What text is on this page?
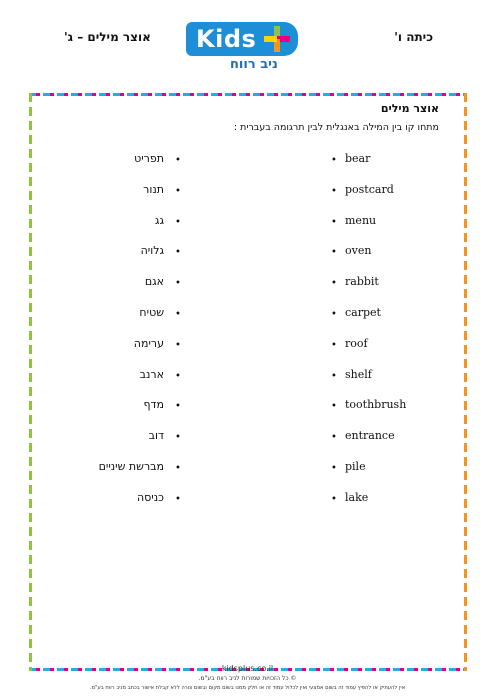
אוצר מילים – ג'	כיתה ו'
Kids
ניב רווח
אוצר מילים
מתחו קו בין המילה באנגלית לבין תרגומה בעברית :
תפריט •	• bear
תנור •	• postcard
גג •	• menu
גלויה •	• oven
אגם •	• rabbit
שטיח •	• carpet
ערימה •	• roof
ארנב •	• shelf
מדף •	• toothbrush
דוב •	• entrance
מברשת שיניים •	• pile
כניסה •	• lake
kidsplus.co.il
© כל הזכויות שמורות לניב רווח בע"מ.
אין להעתיק או להפיץ עמוד זה בשום אמצעי ואין לכלול עמוד זה או חלק ממנו בשום מקום ובשום צורה ללא קבלת אישור בכתב מניב רווח בע"מ.
